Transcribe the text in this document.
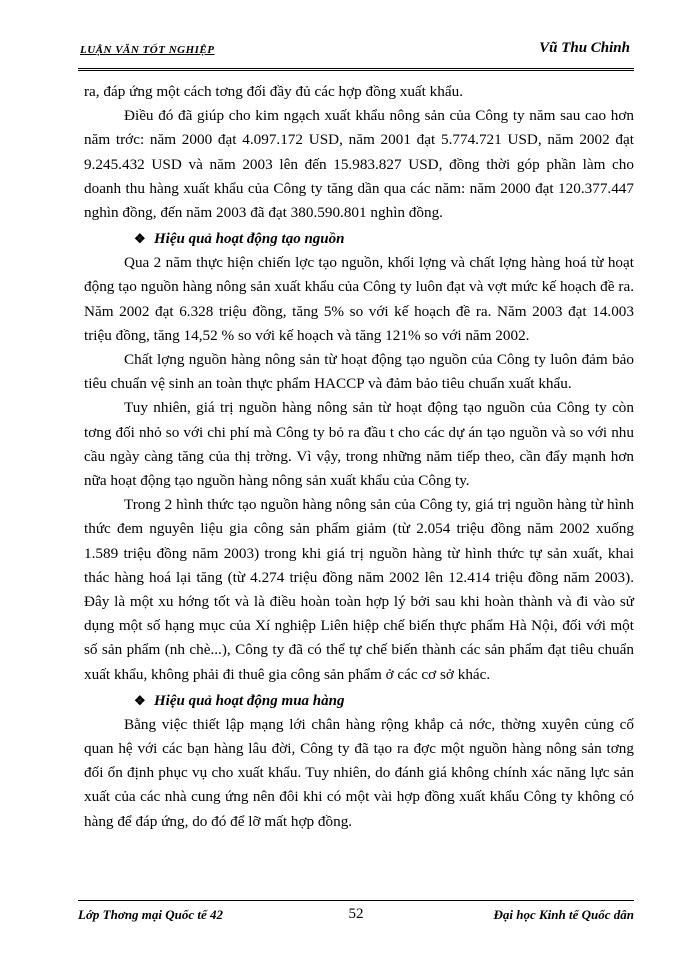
LUẬN VĂN TỐT NGHIỆP	Vũ Thu Chinh

ra, đáp ứng một cách tơng đối đầy đủ các hợp đồng xuất khẩu.

Điều đó đã giúp cho kim ngạch xuất khẩu nông sản của Công ty năm sau cao hơn năm trớc: năm 2000 đạt 4.097.172 USD, năm 2001 đạt 5.774.721 USD, năm 2002 đạt 9.245.432 USD và năm 2003 lên đến 15.983.827 USD, đồng thời góp phần làm cho doanh thu hàng xuất khẩu của Công ty tăng dần qua các năm: năm 2000 đạt 120.377.447 nghìn đồng, đến năm 2003 đã đạt 380.590.801 nghìn đồng.

❖ Hiệu quả hoạt động tạo nguồn

Qua 2 năm thực hiện chiến lợc tạo nguồn, khối lợng và chất lợng hàng hoá từ hoạt động tạo nguồn hàng nông sản xuất khẩu của Công ty luôn đạt và vợt mức kế hoạch đề ra. Năm 2002 đạt 6.328 triệu đồng, tăng 5% so với kế hoạch đề ra. Năm 2003 đạt 14.003 triệu đồng, tăng 14,52 % so với kế hoạch và tăng 121% so với năm 2002.

Chất lợng nguồn hàng nông sản từ hoạt động tạo nguồn của Công ty luôn đảm bảo tiêu chuẩn vệ sinh an toàn thực phẩm HACCP và đảm bảo tiêu chuẩn xuất khẩu.

Tuy nhiên, giá trị nguồn hàng nông sản từ hoạt động tạo nguồn của Công ty còn tơng đối nhỏ so với chi phí mà Công ty bỏ ra đầu t cho các dự án tạo nguồn và so với nhu cầu ngày càng tăng của thị trờng. Vì vậy, trong những năm tiếp theo, cần đẩy mạnh hơn nữa hoạt động tạo nguồn hàng nông sản xuất khẩu của Công ty.

Trong 2 hình thức tạo nguồn hàng nông sản của Công ty, giá trị nguồn hàng từ hình thức đem nguyên liệu gia công sản phẩm giảm (từ 2.054 triệu đồng năm 2002 xuống 1.589 triệu đồng năm 2003) trong khi giá trị nguồn hàng từ hình thức tự sản xuất, khai thác hàng hoá lại tăng (từ 4.274 triệu đồng năm 2002 lên 12.414 triệu đồng năm 2003). Đây là một xu hớng tốt và là điều hoàn toàn hợp lý bởi sau khi hoàn thành và đi vào sử dụng một số hạng mục của Xí nghiệp Liên hiệp chế biến thực phẩm Hà Nội, đối với một số sản phẩm (nh chè...), Công ty đã có thể tự chế biến thành các sản phẩm đạt tiêu chuẩn xuất khẩu, không phải đi thuê gia công sản phẩm ở các cơ sở khác.

❖ Hiệu quả hoạt động mua hàng

Bằng việc thiết lập mạng lới chân hàng rộng khắp cả nớc, thờng xuyên củng cố quan hệ với các bạn hàng lâu đời, Công ty đã tạo ra đợc một nguồn hàng nông sản tơng đối ổn định phục vụ cho xuất khẩu. Tuy nhiên, do đánh giá không chính xác năng lực sản xuất của các nhà cung ứng nên đôi khi có một vài hợp đồng xuất khẩu Công ty không có hàng để đáp ứng, do đó để lỡ mất hợp đồng.

Lớp Thơng mại Quốc tế 42	52	Đại học Kinh tế Quốc dân
